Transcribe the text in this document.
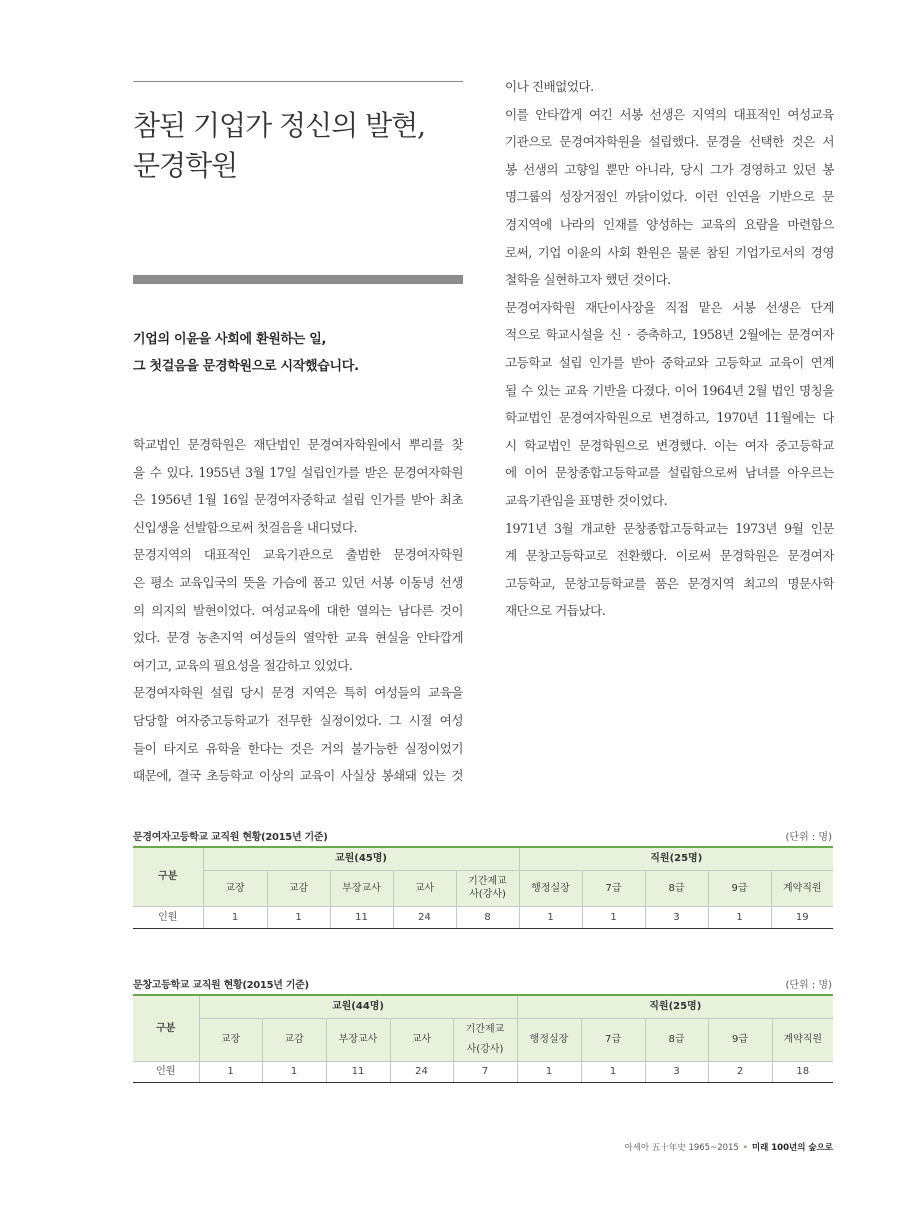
참된 기업가 정신의 발현,
문경학원
기업의 이윤을 사회에 환원하는 일,
그 첫걸음을 문경학원으로 시작했습니다.

학교법인 문경학원은 재단법인 문경여자학원에서 뿌리를 찾
을 수 있다. 1955년 3월 17일 설립인가를 받은 문경여자학원
은 1956년 1월 16일 문경여자중학교 설립 인가를 받아 최초
신입생을 선발함으로써 첫걸음을 내디뎠다.

문경지역의 대표적인 교육기관으로 출범한 문경여자학원
은 평소 교육입국의 뜻을 가슴에 품고 있던 서봉 이동녕 선생
의 의지의 발현이었다. 여성교육에 대한 열의는 남다른 것이
었다. 문경 농촌지역 여성들의 열악한 교육 현실을 안타깝게
여기고, 교육의 필요성을 절감하고 있었다.

문경여자학원 설립 당시 문경 지역은 특히 여성들의 교육을
담당할 여자중고등학교가 전무한 실정이었다. 그 시절 여성
들이 타지로 유학을 한다는 것은 거의 불가능한 실정이었기
때문에, 결국 초등학교 이상의 교육이 사실상 봉쇄돼 있는 것

이나 진배없었다.

이를 안타깝게 여긴 서봉 선생은 지역의 대표적인 여성교육
기관으로 문경여자학원을 설립했다. 문경을 선택한 것은 서
봉 선생의 고향일 뿐만 아니라, 당시 그가 경영하고 있던 봉
명그룹의 성장거점인 까닭이었다. 이런 인연을 기반으로 문
경지역에 나라의 인재를 양성하는 교육의 요람을 마련함으
로써, 기업 이윤의 사회 환원은 물론 참된 기업가로서의 경영
철학을 실현하고자 했던 것이다.

문경여자학원 재단이사장을 직접 맡은 서봉 선생은 단계
적으로 학교시설을 신 · 증축하고, 1958년 2월에는 문경여자
고등학교 설립 인가를 받아 중학교와 고등학교 교육이 연계
될 수 있는 교육 기반을 다졌다. 이어 1964년 2월 법인 명칭을
학교법인 문경여자학원으로 변경하고, 1970년 11월에는 다
시 학교법인 문경학원으로 변경했다. 이는 여자 중고등학교
에 이어 문창종합고등학교를 설립함으로써 남녀를 아우르는
교육기관임을 표명한 것이었다.

1971년 3월 개교한 문창종합고등학교는 1973년 9월 인문
계 문창고등학교로 전환했다. 이로써 문경학원은 문경여자
고등학교, 문창고등학교를 품은 문경지역 최고의 명문사학
재단으로 거듭났다.

문경여자고등학교 교직원 현황(2015년 기준)	(단위 : 명)
구분	교원(45명)					직원(25명)				
	교장	교감	부장교사	교사	기간제교사(강사)	행정실장	7급	8급	9급	계약직원
인원	1	1	11	24	8	1	1	3	1	19
문창고등학교 교직원 현황(2015년 기준)	(단위 : 명)
구분	교원(44명)					직원(25명)				
	교장	교감	부장교사	교사	기간제교사(강사)	행정실장	7급	8급	9급	계약직원
인원	1	1	11	24	7	1	1	3	2	18
아세아 五十年史 1965~2015 • 미래 100년의 숲으로
